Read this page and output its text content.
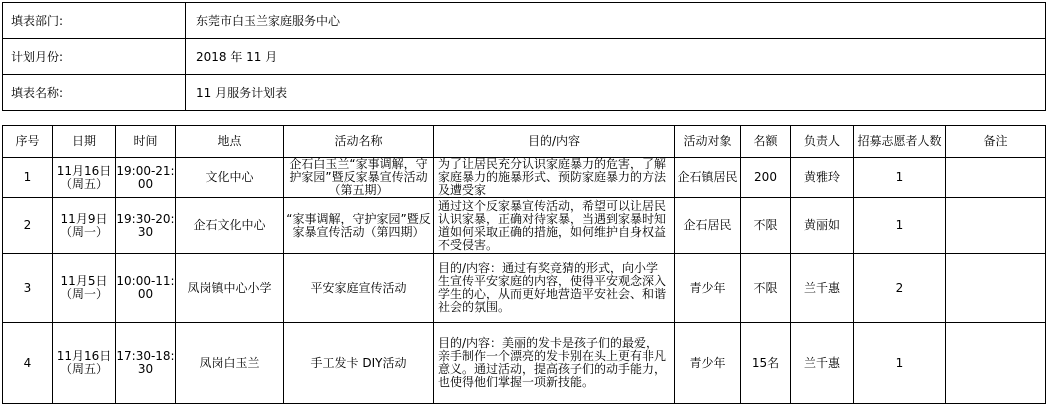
填表部门:	东莞市白玉兰家庭服务中心
计划月份:	2018 年 11 月
填表名称:	11 月服务计划表
序号	日期	时间	地点	活动名称	目的/内容	活动对象	名额	负责人	招募志愿者人数	备注
1	11月16日（周五）	19:00-21:00	文化中心	企石白玉兰“家事调解，守护家园”暨反家暴宣传活动（第五期）	为了让居民充分认识家庭暴力的危害，了解家庭暴力的施暴形式、预防家庭暴力的方法及遭受家	企石镇居民	200	黄雅玲	1	
2	11月9日（周一）	19:30-20:30	企石文化中心	“家事调解，守护家园”暨反家暴宣传活动（第四期）	通过这个反家暴宣传活动，希望可以让居民认识家暴，正确对待家暴，当遇到家暴时知道如何采取正确的措施，如何维护自身权益不受侵害。	企石居民	不限	黄丽如	1	
3	11月5日（周一）	10:00-11:00	凤岗镇中心小学	平安家庭宣传活动	目的/内容：通过有奖竞猜的形式，向小学生宣传平安家庭的内容，使得平安观念深入学生的心，从而更好地营造平安社会、和谐社会的氛围。	青少年	不限	兰千惠	2	
4	11月16日（周五）	17:30-18:30	凤岗白玉兰	手工发卡 DIY活动	目的/内容：美丽的发卡是孩子们的最爱，亲手制作一个漂亮的发卡别在头上更有非凡意义。通过活动，提高孩子们的动手能力，也使得他们掌握一项新技能。	青少年	15名	兰千惠	1	
